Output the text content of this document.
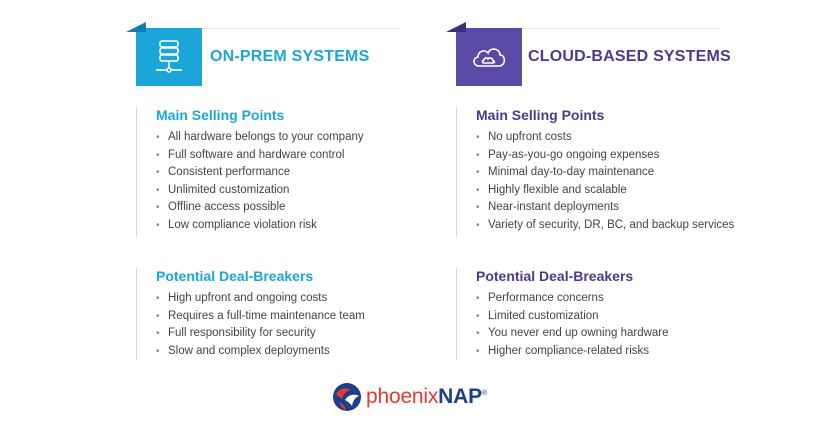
ON-PREM SYSTEMS	CLOUD-BASED SYSTEMS
Main Selling Points
• All hardware belongs to your company
• Full software and hardware control
• Consistent performance
• Unlimited customization
• Offline access possible
• Low compliance violation risk
Potential Deal-Breakers
• High upfront and ongoing costs
• Requires a full-time maintenance team
• Full responsibility for security
• Slow and complex deployments
Main Selling Points
• No upfront costs
• Pay-as-you-go ongoing expenses
• Minimal day-to-day maintenance
• Highly flexible and scalable
• Near-instant deployments
• Variety of security, DR, BC, and backup services
Potential Deal-Breakers
• Performance concerns
• Limited customization
• You never end up owning hardware
• Higher compliance-related risks
phoenixNAP®
